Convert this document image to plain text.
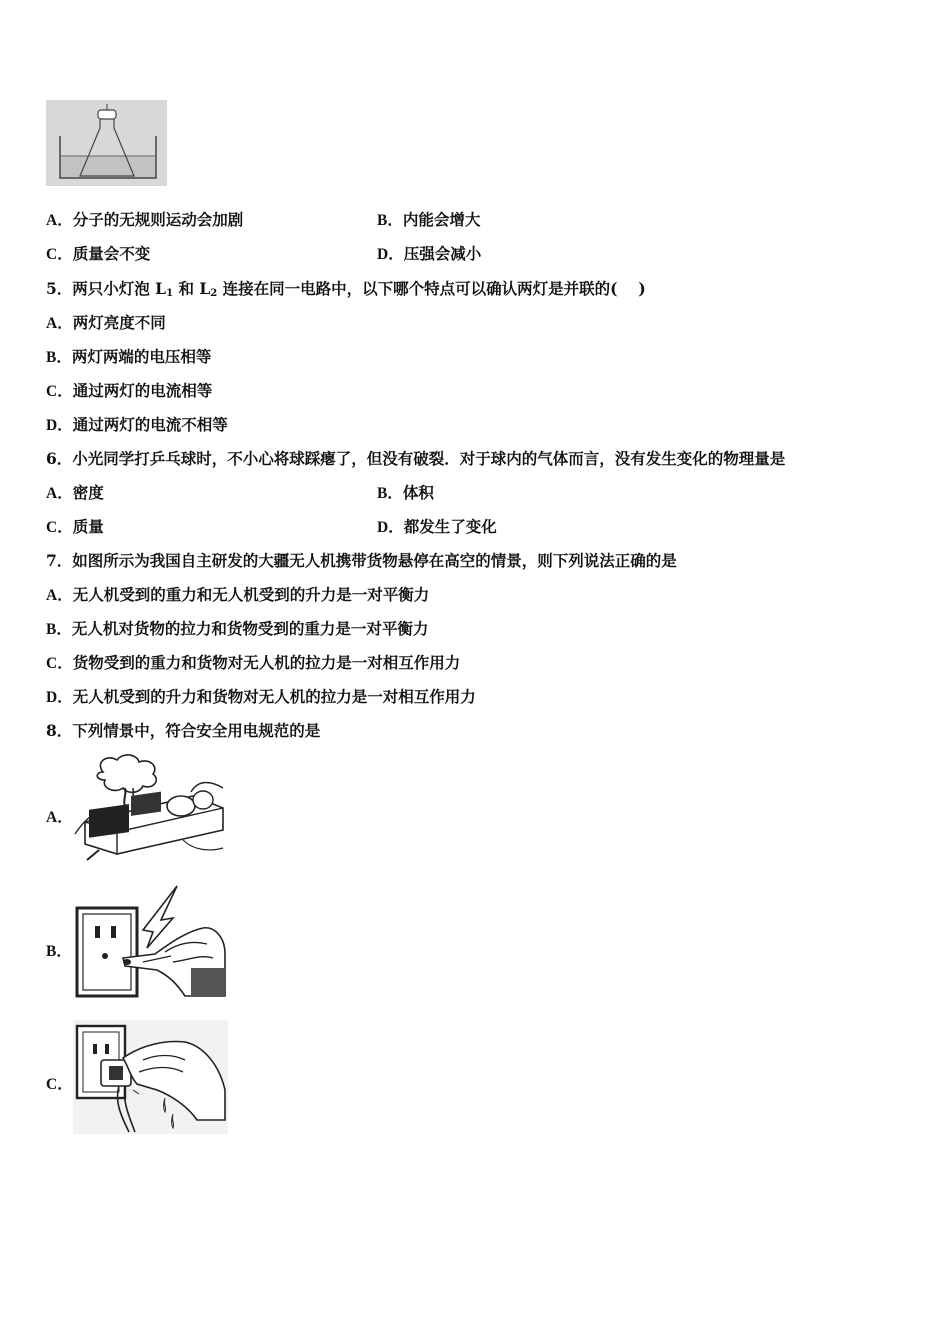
A．分子的无规则运动会加剧	B．内能会增大
C．质量会不变	D．压强会减小
5．两只小灯泡 $L_1$ 和 $L_2$ 连接在同一电路中，以下哪个特点可以确认两灯是并联的(　 )
A．两灯亮度不同
B．两灯两端的电压相等
C．通过两灯的电流相等
D．通过两灯的电流不相等
6．小光同学打乒乓球时，不小心将球踩瘪了，但没有破裂．对于球内的气体而言，没有发生变化的物理量是
A．密度	B．体积
C．质量	D．都发生了变化
7．如图所示为我国自主研发的大疆无人机携带货物悬停在高空的情景，则下列说法正确的是
A．无人机受到的重力和无人机受到的升力是一对平衡力
B．无人机对货物的拉力和货物受到的重力是一对平衡力
C．货物受到的重力和货物对无人机的拉力是一对相互作用力
D．无人机受到的升力和货物对无人机的拉力是一对相互作用力
8．下列情景中，符合安全用电规范的是
A．
B．
C．
